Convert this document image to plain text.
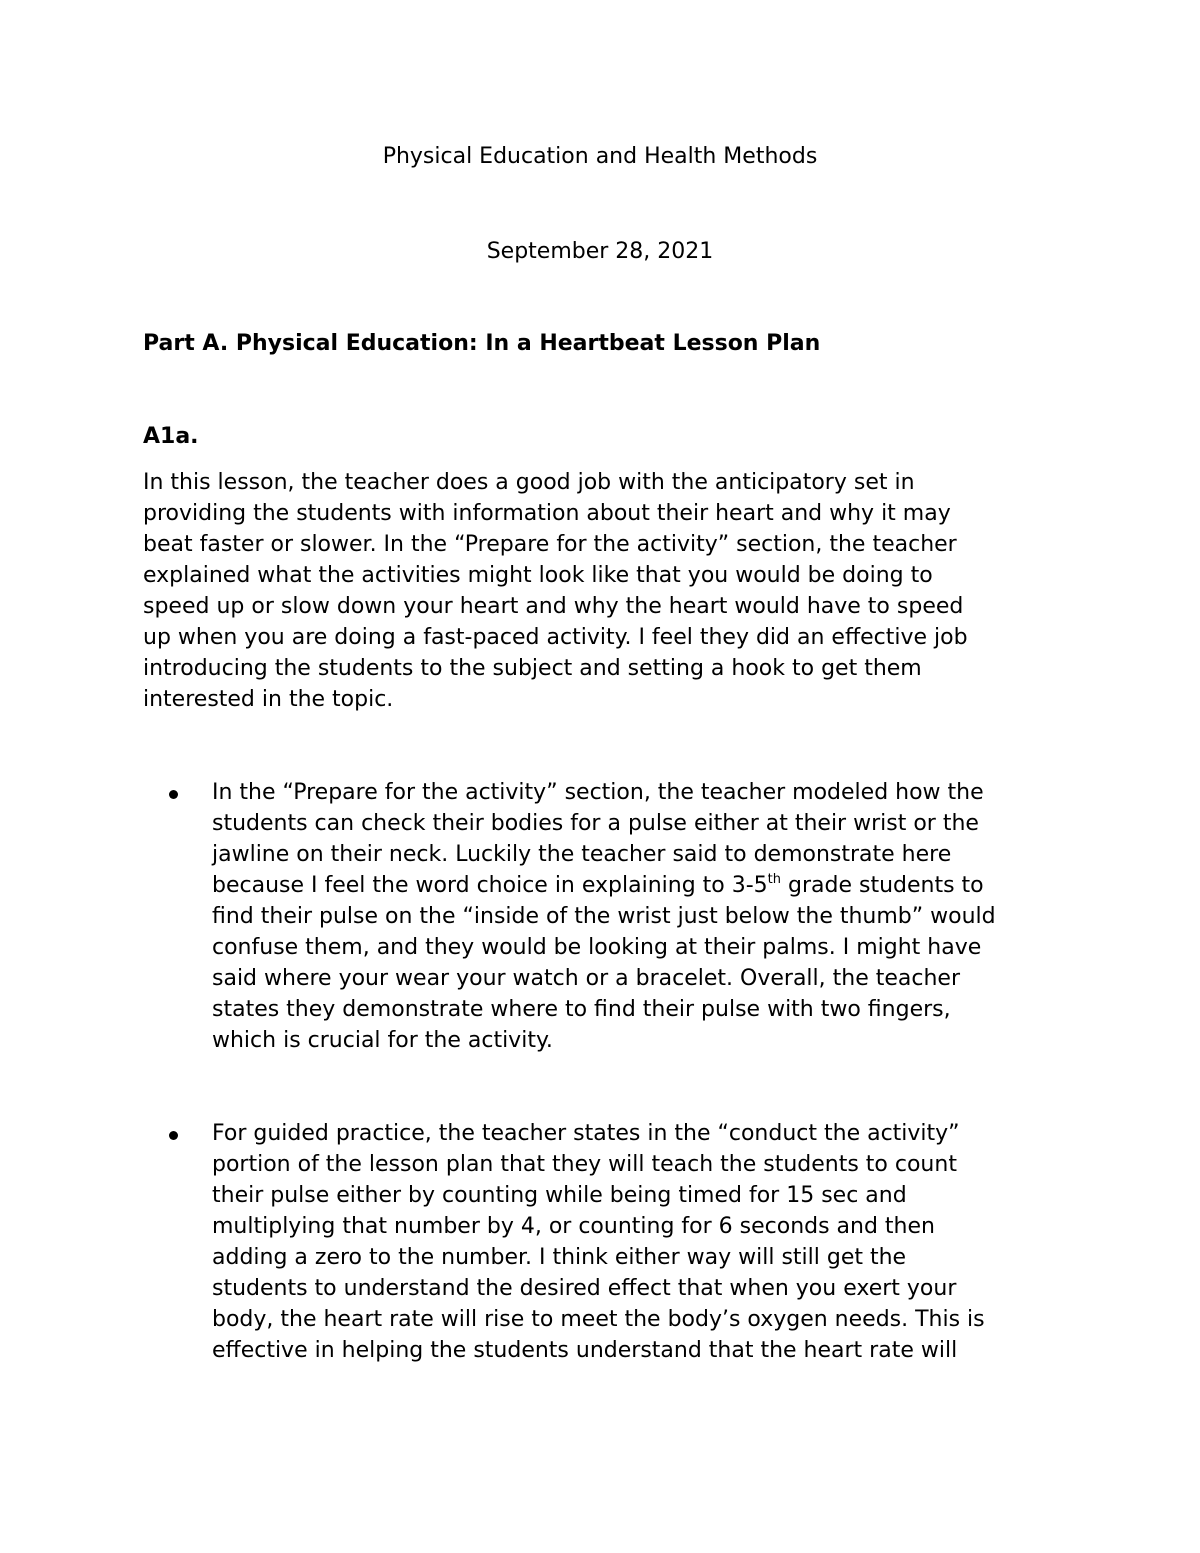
Physical Education and Health Methods
September 28, 2021
Part A. Physical Education: In a Heartbeat Lesson Plan
A1a.
In this lesson, the teacher does a good job with the anticipatory set in
providing the students with information about their heart and why it may
beat faster or slower. In the “Prepare for the activity” section, the teacher
explained what the activities might look like that you would be doing to
speed up or slow down your heart and why the heart would have to speed
up when you are doing a fast-paced activity. I feel they did an effective job
introducing the students to the subject and setting a hook to get them
interested in the topic.
In the “Prepare for the activity” section, the teacher modeled how the
students can check their bodies for a pulse either at their wrist or the
jawline on their neck. Luckily the teacher said to demonstrate here
because I feel the word choice in explaining to 3-5th grade students to
find their pulse on the “inside of the wrist just below the thumb” would
confuse them, and they would be looking at their palms. I might have
said where your wear your watch or a bracelet. Overall, the teacher
states they demonstrate where to find their pulse with two fingers,
which is crucial for the activity.
For guided practice, the teacher states in the “conduct the activity”
portion of the lesson plan that they will teach the students to count
their pulse either by counting while being timed for 15 sec and
multiplying that number by 4, or counting for 6 seconds and then
adding a zero to the number. I think either way will still get the
students to understand the desired effect that when you exert your
body, the heart rate will rise to meet the body’s oxygen needs. This is
effective in helping the students understand that the heart rate will
